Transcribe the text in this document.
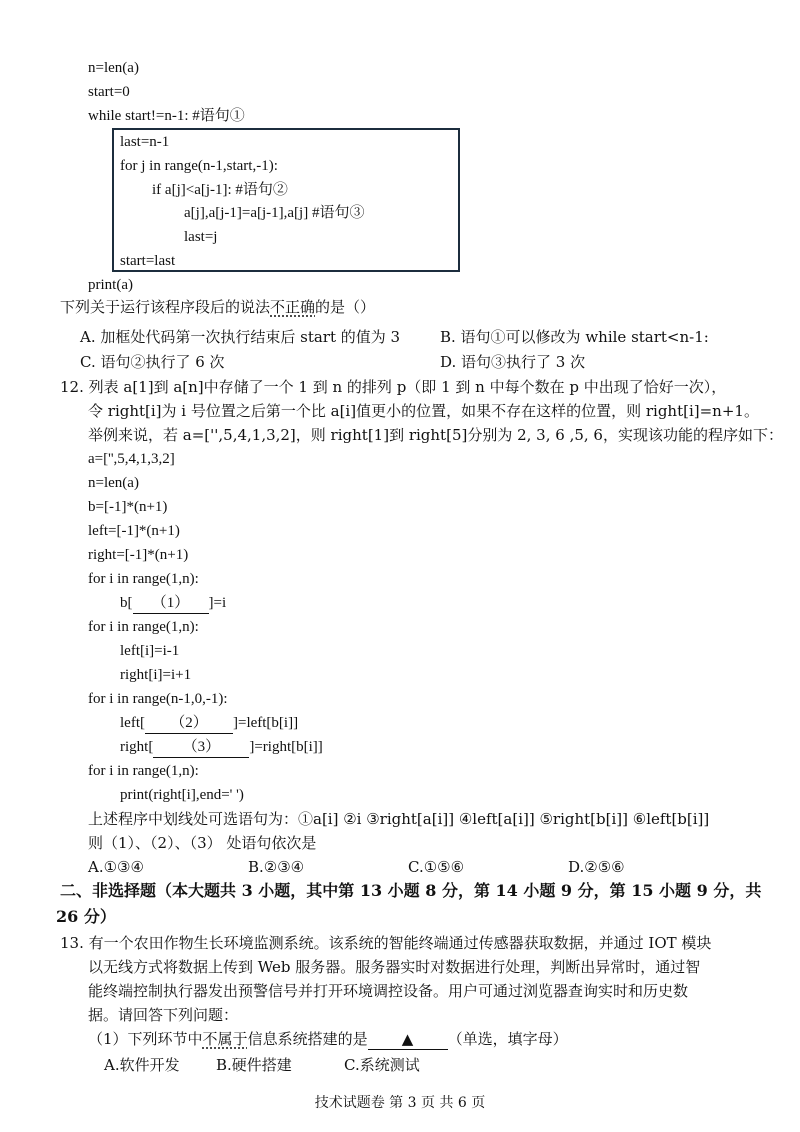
n=len(a)
start=0
while start!=n-1: #语句①
last=n-1
for j in range(n-1,start,-1):
if a[j]<a[j-1]: #语句②
a[j],a[j-1]=a[j-1],a[j] #语句③
last=j
start=last
print(a)
下列关于运行该程序段后的说法不正确的是（）
A. 加框处代码第一次执行结束后 start 的值为 3	B. 语句①可以修改为 while start<n-1:
C. 语句②执行了 6 次	D. 语句③执行了 3 次
12. 列表 a[1]到 a[n]中存储了一个 1 到 n 的排列 p（即 1 到 n 中每个数在 p 中出现了恰好一次），
令 right[i]为 i 号位置之后第一个比 a[i]值更小的位置，如果不存在这样的位置，则 right[i]=n+1。
举例来说，若 a=['',5,4,1,3,2]，则 right[1]到 right[5]分别为 2, 3, 6 ,5, 6，实现该功能的程序如下：
a=['',5,4,1,3,2]
n=len(a)
b=[-1]*(n+1)
left=[-1]*(n+1)
right=[-1]*(n+1)
for i in range(1,n):
b[ （1） ]=i
for i in range(1,n):
left[i]=i-1
right[i]=i+1
for i in range(n-1,0,-1):
left[ （2） ]=left[b[i]]
right[ （3） ]=right[b[i]]
for i in range(1,n):
print(right[i],end=' ')
上述程序中划线处可选语句为：①a[i] ②i ③right[a[i]] ④left[a[i]] ⑤right[b[i]] ⑥left[b[i]]
则（1）、（2）、（3） 处语句依次是
A.①③④	B.②③④	C.①⑤⑥	D.②⑤⑥
二、非选择题（本大题共 3 小题，其中第 13 小题 8 分，第 14 小题 9 分，第 15 小题 9 分，共
26 分）
13. 有一个农田作物生长环境监测系统。该系统的智能终端通过传感器获取数据，并通过 IOT 模块
以无线方式将数据上传到 Web 服务器。服务器实时对数据进行处理，判断出异常时，通过智
能终端控制执行器发出预警信号并打开环境调控设备。用户可通过浏览器查询实时和历史数
据。请回答下列问题：
（1）下列环节中不属于信息系统搭建的是 ▲ （单选，填字母）
A.软件开发 B.硬件搭建	C.系统测试
技术试题卷 第 3 页 共 6 页
